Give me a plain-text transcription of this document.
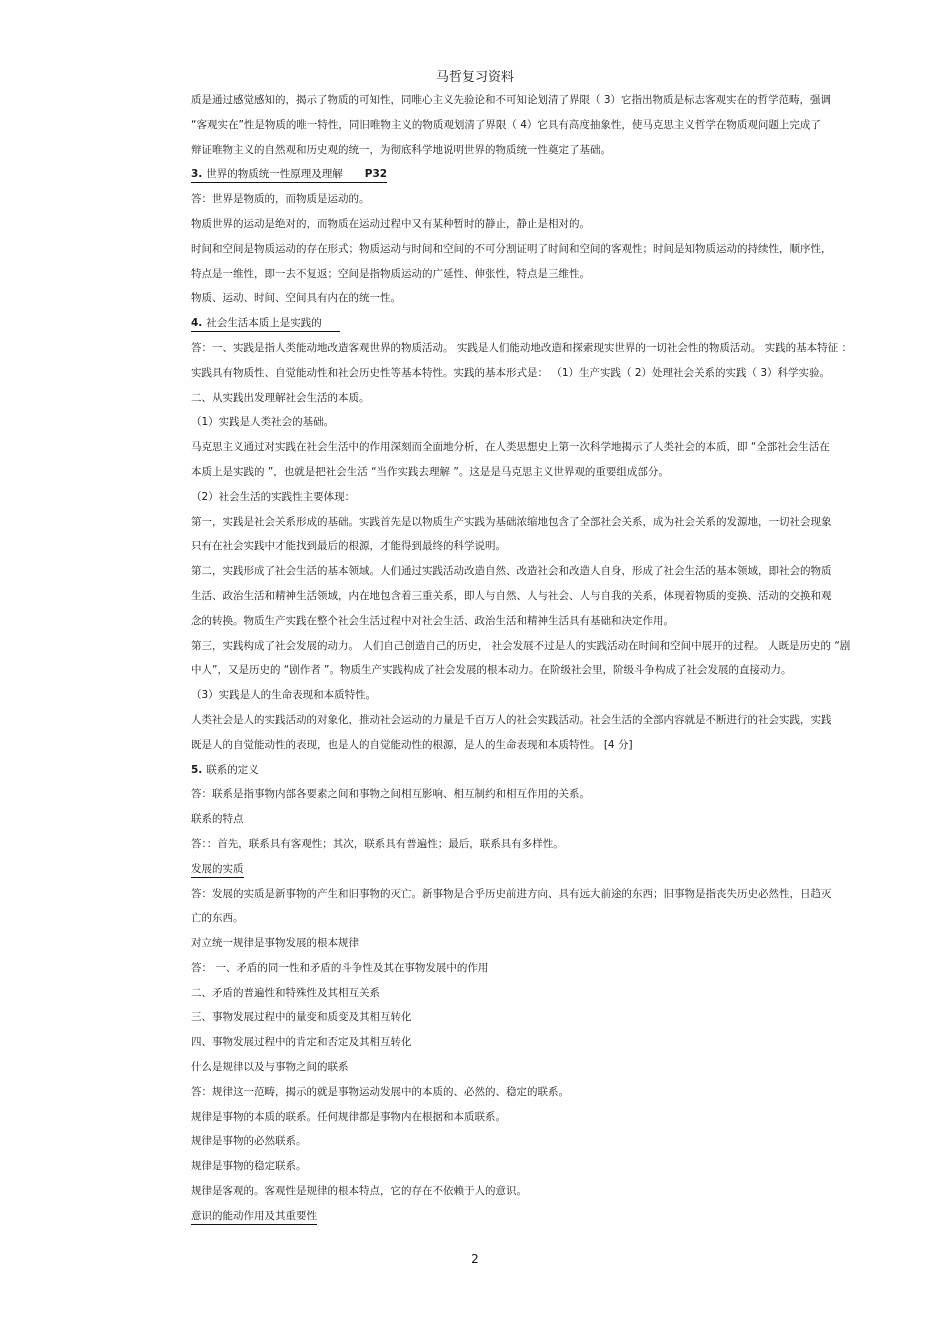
马哲复习资料
质是通过感觉感知的，揭示了物质的可知性，同唯心主义先验论和不可知论划清了界限（ 3）它指出物质是标志客观实在的哲学范畴，强调
“客观实在”性是物质的唯一特性，同旧唯物主义的物质观划清了界限（ 4）它具有高度抽象性，使马克思主义哲学在物质观问题上完成了
辩证唯物主义的自然观和历史观的统一，为彻底科学地说明世界的物质统一性奠定了基础。
3. 世界的物质统一性原理及理解 P32
答：世界是物质的，而物质是运动的。
物质世界的运动是绝对的，而物质在运动过程中又有某种暂时的静止，静止是相对的。
时间和空间是物质运动的存在形式；物质运动与时间和空间的不可分割证明了时间和空间的客观性；时间是知物质运动的持续性，顺序性，
特点是一维性，即一去不复返；空间是指物质运动的广延性、伸张性，特点是三维性。
物质、运动、时间、空间具有内在的统一性。
4. 社会生活本质上是实践的
答：一、实践是指人类能动地改造客观世界的物质活动。 实践是人们能动地改造和探索现实世界的一切社会性的物质活动。 实践的基本特征 ：
实践具有物质性、自觉能动性和社会历史性等基本特性。实践的基本形式是： （1）生产实践（ 2）处理社会关系的实践（ 3）科学实验。
二、从实践出发理解社会生活的本质。
（1）实践是人类社会的基础。
马克思主义通过对实践在社会生活中的作用深刻而全面地分析，在人类思想史上第一次科学地揭示了人类社会的本质，即 “全部社会生活在
本质上是实践的 ”，也就是把社会生活 “当作实践去理解 ”。这是是马克思主义世界观的重要组成部分。
（2）社会生活的实践性主要体现：
第一，实践是社会关系形成的基础。实践首先是以物质生产实践为基础浓缩地包含了全部社会关系，成为社会关系的发源地，一切社会现象
只有在社会实践中才能找到最后的根源，才能得到最终的科学说明。
第二，实践形成了社会生活的基本领域。人们通过实践活动改造自然、改造社会和改造人自身，形成了社会生活的基本领域，即社会的物质
生活、政治生活和精神生活领域，内在地包含着三重关系，即人与自然、人与社会、人与自我的关系，体现着物质的变换、活动的交换和观
念的转换。物质生产实践在整个社会生活过程中对社会生活、政治生活和精神生活具有基础和决定作用。
第三，实践构成了社会发展的动力。 人们自己创造自己的历史， 社会发展不过是人的实践活动在时间和空间中展开的过程。 人既是历史的 “剧
中人”，又是历史的 “剧作者 ”。物质生产实践构成了社会发展的根本动力。在阶级社会里，阶级斗争构成了社会发展的直接动力。
（3）实践是人的生命表现和本质特性。
人类社会是人的实践活动的对象化，推动社会运动的力量是千百万人的社会实践活动。社会生活的全部内容就是不断进行的社会实践，实践
既是人的自觉能动性的表现，也是人的自觉能动性的根源，是人的生命表现和本质特性。 [4 分]
5. 联系的定义
答：联系是指事物内部各要素之间和事物之间相互影响、相互制约和相互作用的关系。
联系的特点
答：：首先，联系具有客观性；其次，联系具有普遍性；最后，联系具有多样性。
发展的实质
答：发展的实质是新事物的产生和旧事物的灭亡。新事物是合乎历史前进方向、具有远大前途的东西；旧事物是指丧失历史必然性，日趋灭
亡的东西。
对立统一规律是事物发展的根本规律
答： 一、矛盾的同一性和矛盾的斗争性及其在事物发展中的作用
二、矛盾的普遍性和特殊性及其相互关系
三、事物发展过程中的量变和质变及其相互转化
四、事物发展过程中的肯定和否定及其相互转化
什么是规律以及与事物之间的联系
答：规律这一范畴，揭示的就是事物运动发展中的本质的、必然的、稳定的联系。
规律是事物的本质的联系。任何规律都是事物内在根据和本质联系。
规律是事物的必然联系。
规律是事物的稳定联系。
规律是客观的。客观性是规律的根本特点，它的存在不依赖于人的意识。
意识的能动作用及其重要性
2
